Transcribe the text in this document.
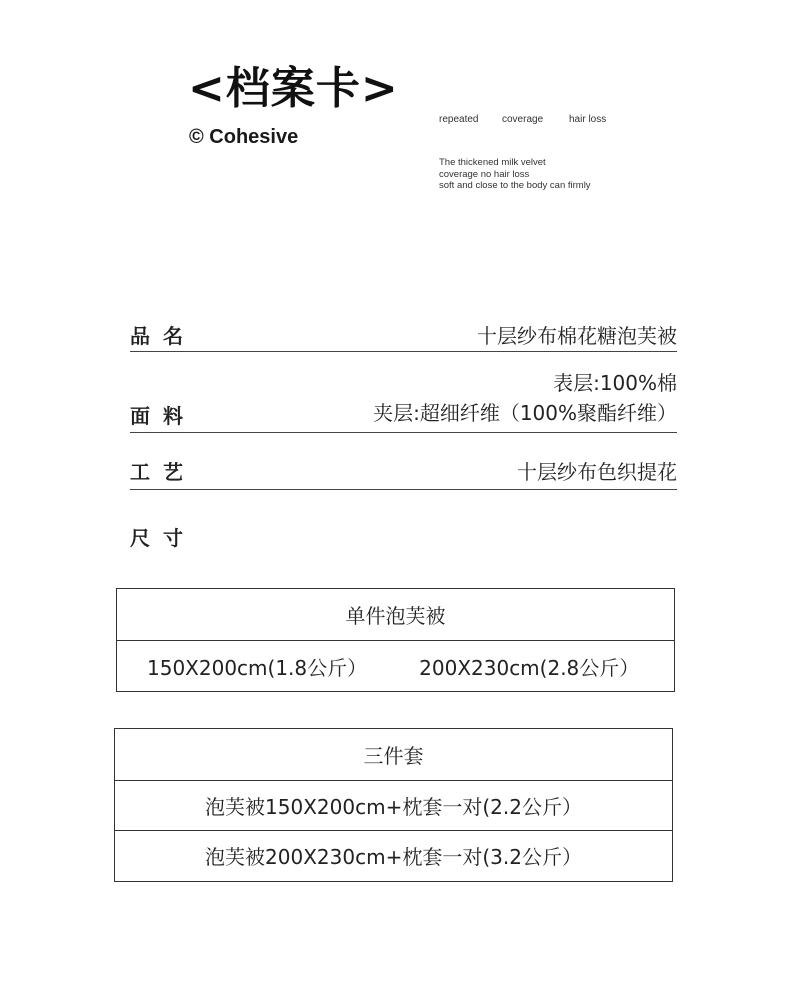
<档案卡>
© Cohesive
repeated coverage	hair loss
The thickened milk velvet
coverage no hair loss
soft and close to the body can firmly
品名	十层纱布棉花糖泡芙被
面料
表层:100%棉
夹层:超细纤维（100%聚酯纤维）
工艺	十层纱布色织提花
尺寸
单件泡芙被
150X200cm(1.8公斤）	200X230cm(2.8公斤）
三件套
泡芙被150X200cm+枕套一对(2.2公斤）
泡芙被200X230cm+枕套一对(3.2公斤）
